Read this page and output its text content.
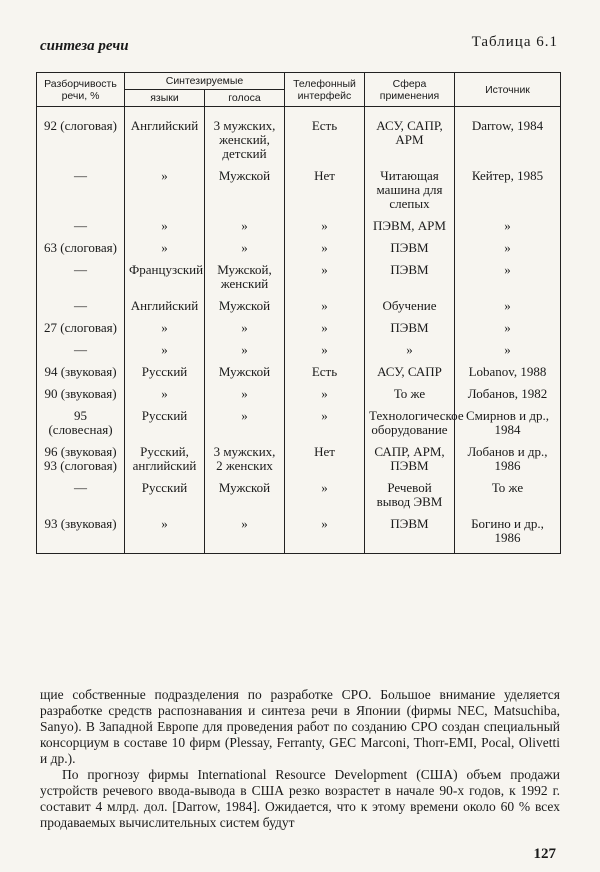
синтеза речи	Таблица 6.1
Разборчивость речи, %	Синтезируемые		Телефонный интерфейс	Сфера применения	Источник
	языки	голоса			
92 (слоговая)	Английский	3 мужских, женский, детский	Есть	АСУ, САПР, АРМ	Darrow, 1984
—	»	Мужской	Нет	Читающая машина для слепых	Кейтер, 1985
—	»	»	»	ПЭВМ, АРМ	»
63 (слоговая)	»	»	»	ПЭВМ	»
—	Французский	Мужской, женский	»	ПЭВМ	»
—	Английский	Мужской	»	Обучение	»
27 (слоговая)	»	»	»	ПЭВМ	»
—	»	»	»	»	»
94 (звуковая)	Русский	Мужской	Есть	АСУ, САПР	Lobanov, 1988
90 (звуковая)	»	»	»	То же	Лобанов, 1982
95 (словесная)	Русский	»	»	Технологическое оборудование	Смирнов и др., 1984
96 (звуковая) 93 (слоговая)	Русский, английский	3 мужских, 2 женских	Нет	САПР, АРМ, ПЭВМ	Лобанов и др., 1986
—	Русский	Мужской	»	Речевой вывод ЭВМ	То же
93 (звуковая)	»	»	»	ПЭВМ	Богино и др., 1986

щие собственные подразделения по разработке СРО. Большое внимание уделяется разработке средств распознавания и синтеза речи в Японии (фирмы NEC, Matsuchiba, Sanyo). В Западной Европе для проведения работ по созданию СРО создан специальный консорциум в составе 10 фирм (Plessay, Ferranty, GEC Marconi, Thorr-EMI, Pocal, Olivetti и др.).

По прогнозу фирмы International Resource Development (США) объем продажи устройств речевого ввода-вывода в США резко возрастет в начале 90-х годов, к 1992 г. составит 4 млрд. дол. [Darrow, 1984]. Ожидается, что к этому времени около 60 % всех продаваемых вычислительных систем будут

127
